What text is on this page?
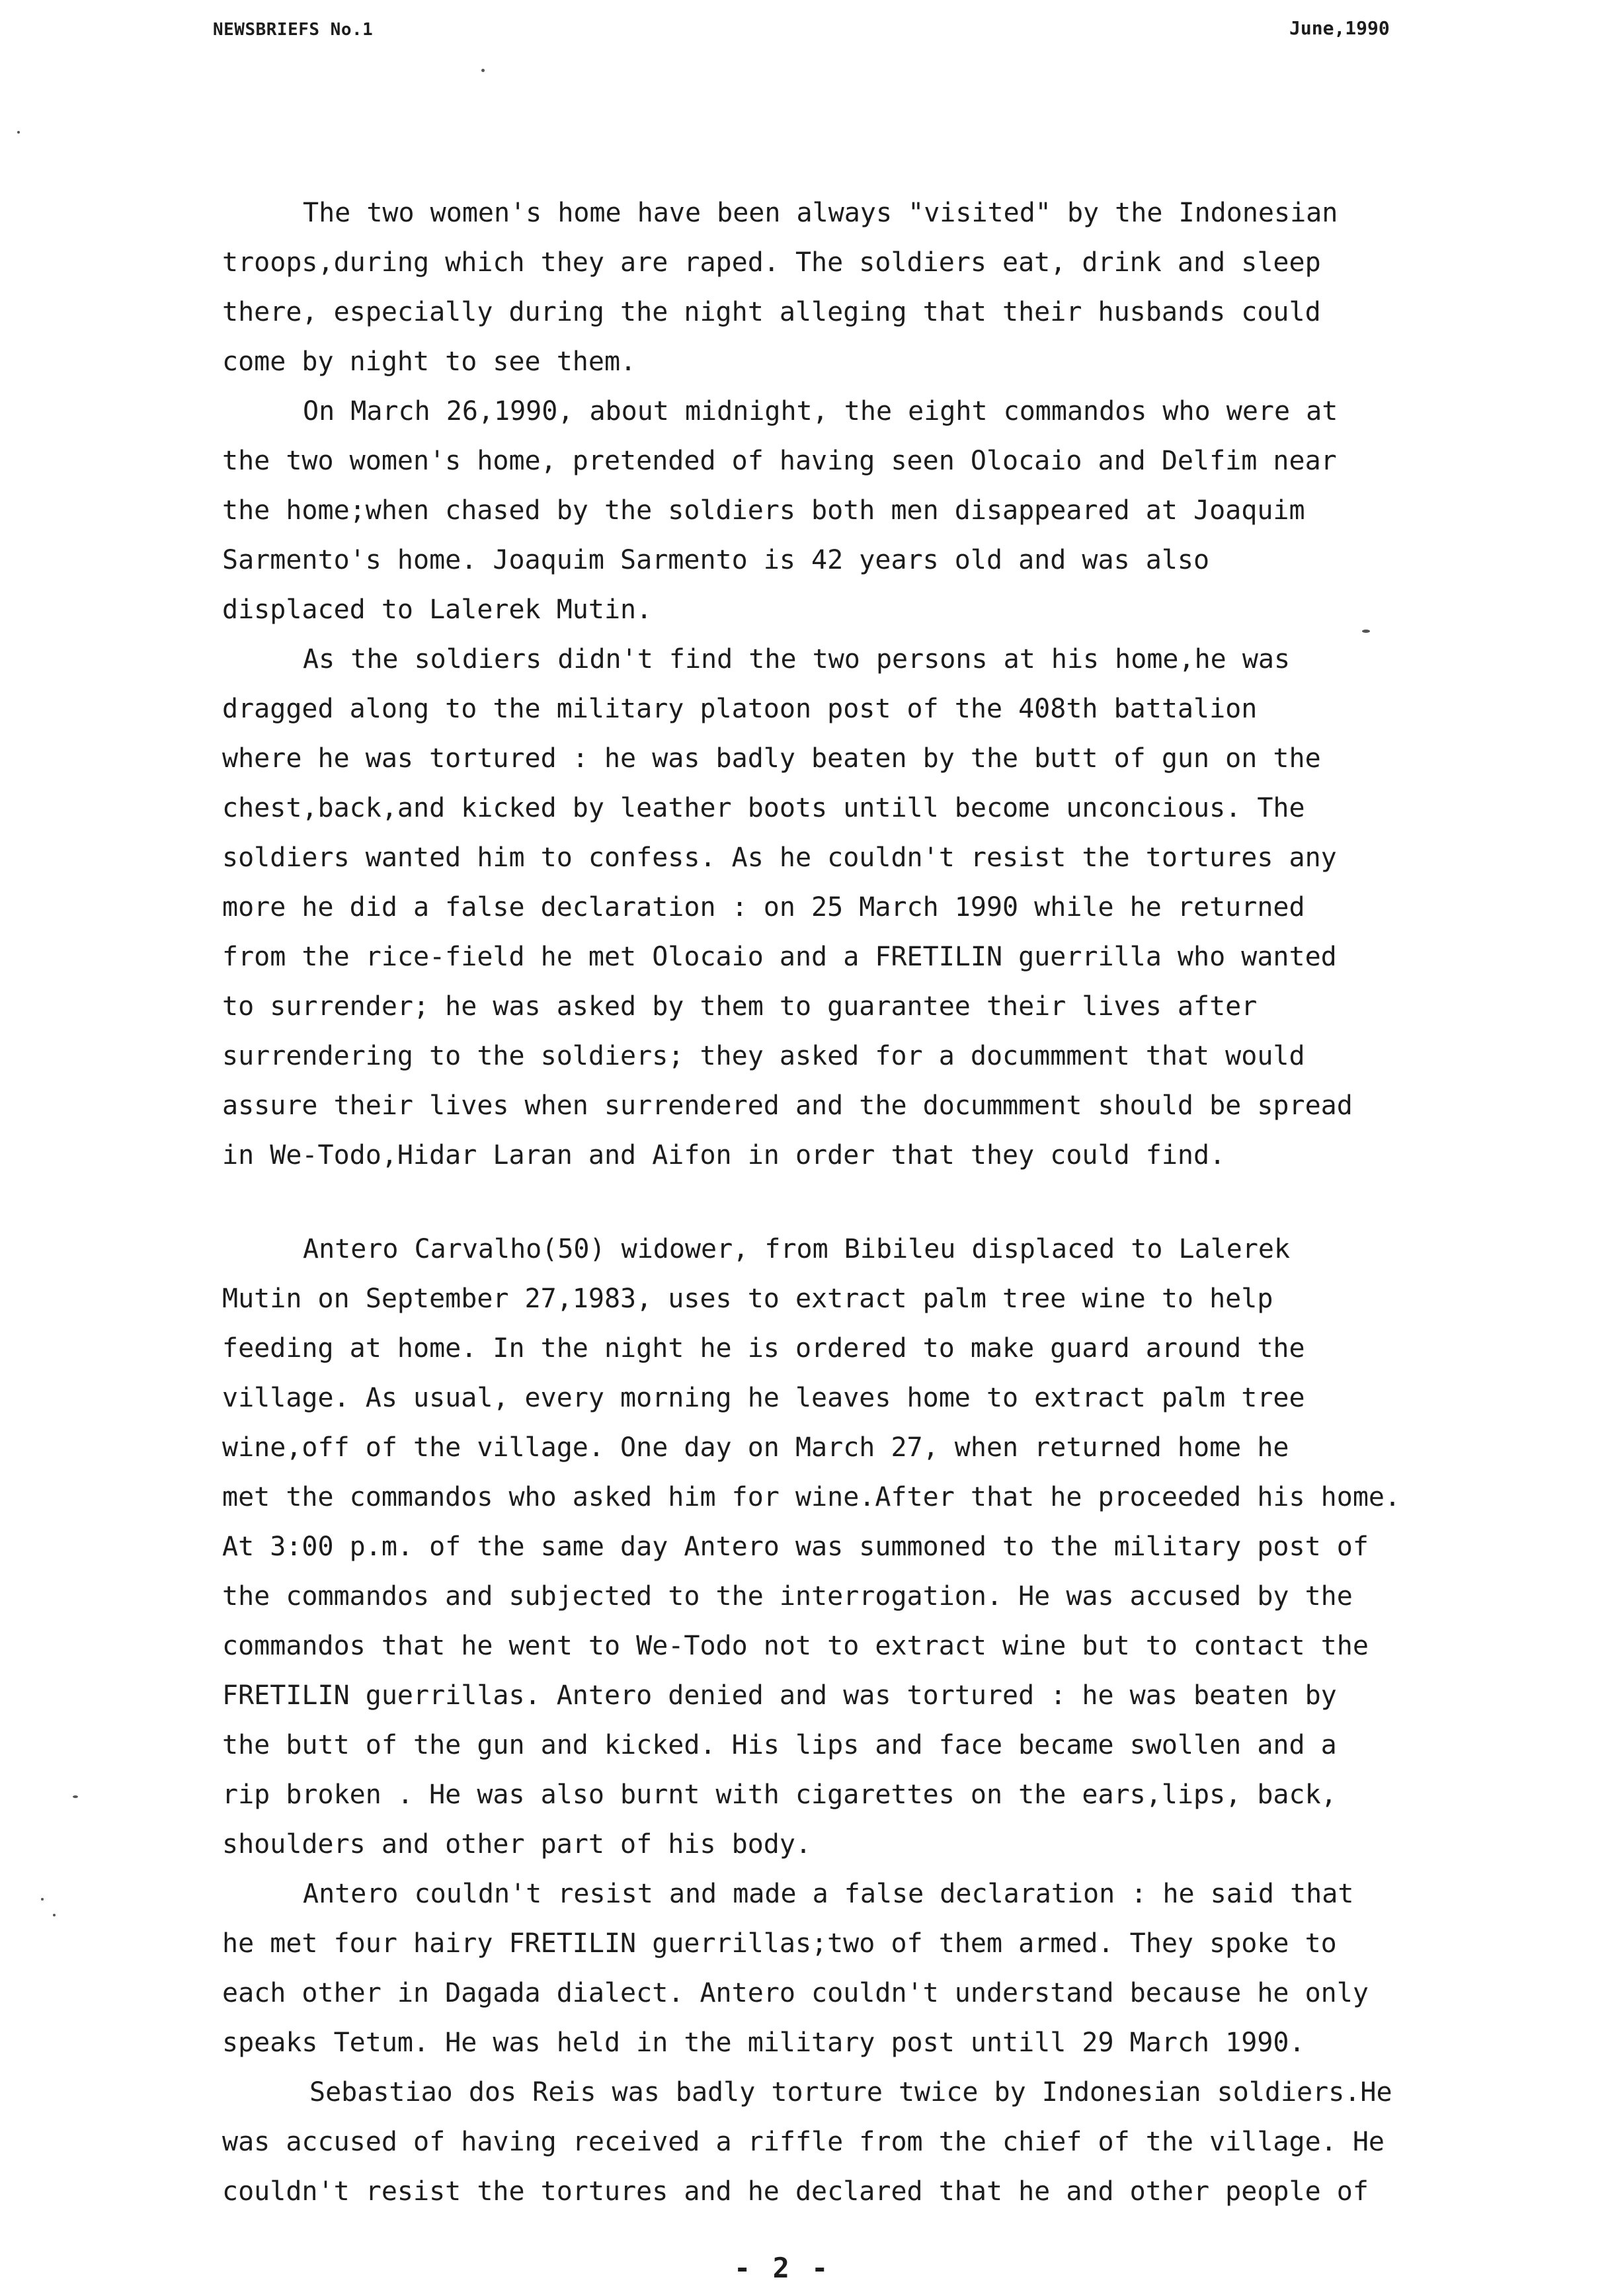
NEWSBRIEFS No.1	June,1990
The two women's home have been always "visited" by the Indonesian
troops,during which they are raped. The soldiers eat, drink and sleep
there, especially during the night alleging that their husbands could
come by night to see them.
On March 26,1990, about midnight, the eight commandos who were at
the two women's home, pretended of having seen Olocaio and Delfim near
the home;when chased by the soldiers both men disappeared at Joaquim
Sarmento's home. Joaquim Sarmento is 42 years old and was also
displaced to Lalerek Mutin.
As the soldiers didn't find the two persons at his home,he was
dragged along to the military platoon post of the 408th battalion
where he was tortured : he was badly beaten by the butt of gun on the
chest,back,and kicked by leather boots untill become unconcious. The
soldiers wanted him to confess. As he couldn't resist the tortures any
more he did a false declaration : on 25 March 1990 while he returned
from the rice-field he met Olocaio and a FRETILIN guerrilla who wanted
to surrender; he was asked by them to guarantee their lives after
surrendering to the soldiers; they asked for a docummment that would
assure their lives when surrendered and the docummment should be spread
in We-Todo,Hidar Laran and Aifon in order that they could find.
Antero Carvalho(50) widower, from Bibileu displaced to Lalerek
Mutin on September 27,1983, uses to extract palm tree wine to help
feeding at home. In the night he is ordered to make guard around the
village. As usual, every morning he leaves home to extract palm tree
wine,off of the village. One day on March 27, when returned home he
met the commandos who asked him for wine.After that he proceeded his home.
At 3:00 p.m. of the same day Antero was summoned to the military post of
the commandos and subjected to the interrogation. He was accused by the
commandos that he went to We-Todo not to extract wine but to contact the
FRETILIN guerrillas. Antero denied and was tortured : he was beaten by
the butt of the gun and kicked. His lips and face became swollen and a
rip broken . He was also burnt with cigarettes on the ears,lips, back,
shoulders and other part of his body.
Antero couldn't resist and made a false declaration : he said that
he met four hairy FRETILIN guerrillas;two of them armed. They spoke to
each other in Dagada dialect. Antero couldn't understand because he only
speaks Tetum. He was held in the military post untill 29 March 1990.
Sebastiao dos Reis was badly torture twice by Indonesian soldiers.He
was accused of having received a riffle from the chief of the village. He
couldn't resist the tortures and he declared that he and other people of
- 2 -
